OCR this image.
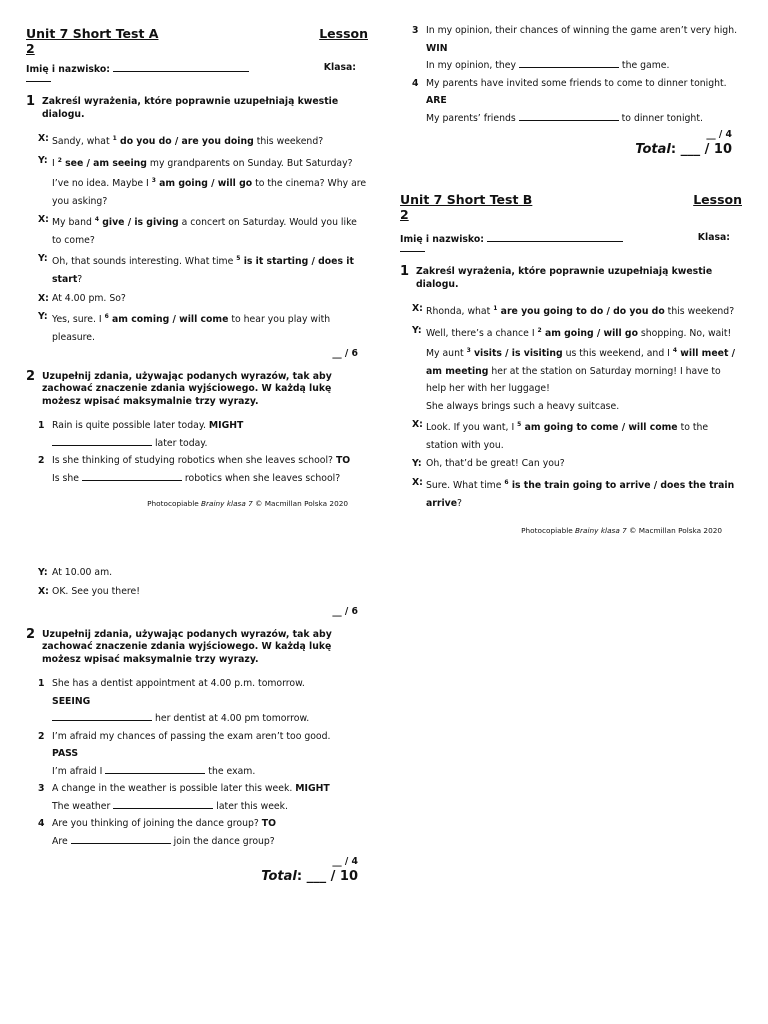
Unit 7 Short Test A	Lesson
2
Imię i nazwisko:	Klasa:
1 Zakreśl wyrażenia, które poprawnie uzupełniają kwestie dialogu.
X: Sandy, what $^1$ do you do / are you doing this weekend?
Y: I $^2$ see / am seeing my grandparents on Sunday. But Saturday?
I’ve no idea. Maybe I $^3$ am going / will go to the cinema? Why are you asking?
X: My band $^4$ give / is giving a concert on Saturday. Would you like to come?
Y: Oh, that sounds interesting. What time $^5$ is it starting / does it start?
X: At 4.00 pm. So?
Y: Yes, sure. I $^6$ am coming / will come to hear you play with pleasure.
__ / 6
2 Uzupełnij zdania, używając podanych wyrazów, tak aby zachować znaczenie zdania wyjściowego. W każdą lukę możesz wpisać maksymalnie trzy wyrazy.
1 Rain is quite possible later today. MIGHT
later today.
2 Is she thinking of studying robotics when she leaves school? TO
Is she	robotics when she leaves school?
Photocopiable Brainy klasa 7 © Macmillan Polska 2020
3 In my opinion, their chances of winning the game aren’t very high. WIN
In my opinion, they	the game.
4 My parents have invited some friends to come to dinner tonight. ARE
My parents’ friends	to dinner tonight.
__ / 4
Total: ___ / 10
Unit 7 Short Test B	Lesson
2
Imię i nazwisko:	Klasa:
1 Zakreśl wyrażenia, które poprawnie uzupełniają kwestie dialogu.
X: Rhonda, what $^1$ are you going to do / do you do this weekend?
Y: Well, there’s a chance I $^2$ am going / will go shopping. No, wait! My aunt $^3$ visits / is visiting us this weekend, and I $^4$ will meet / am meeting her at the station on Saturday morning! I have to help her with her luggage!
She always brings such a heavy suitcase.
X: Look. If you want, I $^5$ am going to come / will come to the station with you.
Y: Oh, that’d be great! Can you?
X: Sure. What time $^6$ is the train going to arrive / does the train arrive?
Photocopiable Brainy klasa 7 © Macmillan Polska 2020
Y: At 10.00 am.
X: OK. See you there!
__ / 6
2 Uzupełnij zdania, używając podanych wyrazów, tak aby zachować znaczenie zdania wyjściowego. W każdą lukę możesz wpisać maksymalnie trzy wyrazy.
1 She has a dentist appointment at 4.00 p.m. tomorrow.
SEEING
her dentist at 4.00 pm tomorrow.
2 I’m afraid my chances of passing the exam aren’t too good.
PASS
I’m afraid I	the exam.
3 A change in the weather is possible later this week. MIGHT
The weather	later this week.
4 Are you thinking of joining the dance group? TO
Are	join the dance group?
__ / 4
Total: ___ / 10
